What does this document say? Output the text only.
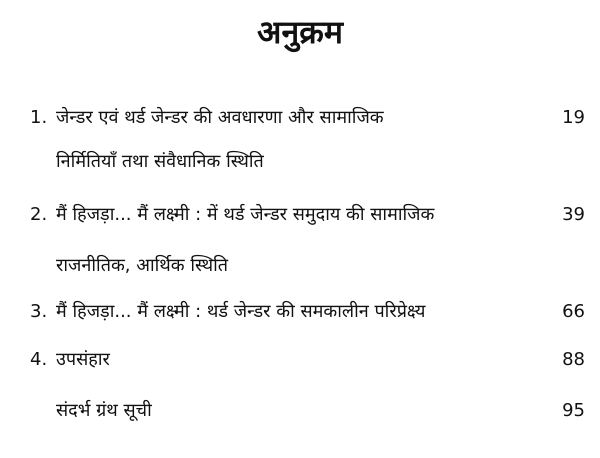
अनुक्रम
1. जेन्डर एवं थर्ड जेन्डर की अवधारणा और सामाजिक	19
निर्मितियाँ तथा संवैधानिक स्थिति
2. मैं हिजड़ा... मैं लक्ष्मी : में थर्ड जेन्डर समुदाय की सामाजिक	39
राजनीतिक, आर्थिक स्थिति
3. मैं हिजड़ा... मैं लक्ष्मी : थर्ड जेन्डर की समकालीन परिप्रेक्ष्य	66
4. उपसंहार	88
संदर्भ ग्रंथ सूची	95
